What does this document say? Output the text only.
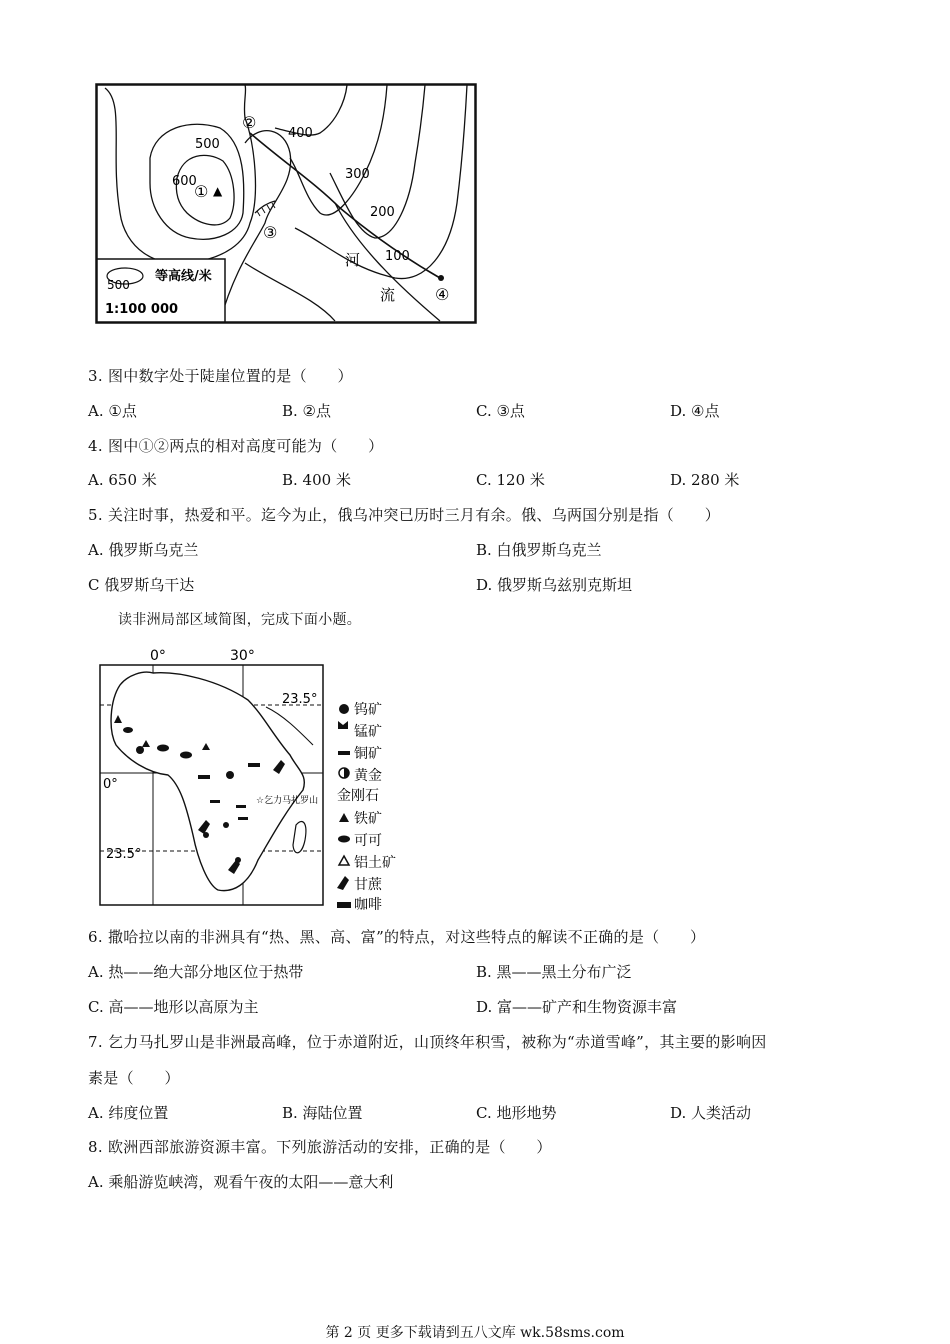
500
600
① ▲
②
400
300
200
100
③
④
河
流
500
等高线/米
1:100 000
3. 图中数字处于陡崖位置的是（　　）
A. ①点	B. ②点	C. ③点	D. ④点
4. 图中①②两点的相对高度可能为（　　）
A. 650 米	B. 400 米	C. 120 米	D. 280 米
5. 关注时事，热爱和平。迄今为止，俄乌冲突已历时三月有余。俄、乌两国分别是指（　　）
A. 俄罗斯乌克兰	B. 白俄罗斯乌克兰
C 俄罗斯乌干达	D. 俄罗斯乌兹别克斯坦
读非洲局部区域简图，完成下面小题。
0°	30°
23.5°
0°
23.5°
☆乞力马扎罗山
钨矿
锰矿
铜矿
黄金
金刚石
铁矿
可可
铝土矿
甘蔗
咖啡
6. 撒哈拉以南的非洲具有“热、黑、高、富”的特点，对这些特点的解读不正确的是（　　）
A. 热——绝大部分地区位于热带	B. 黑——黑土分布广泛
C. 高——地形以高原为主	D. 富——矿产和生物资源丰富
7. 乞力马扎罗山是非洲最高峰，位于赤道附近，山顶终年积雪，被称为“赤道雪峰”，其主要的影响因
素是（　　）
A. 纬度位置	B. 海陆位置	C. 地形地势	D. 人类活动
8. 欧洲西部旅游资源丰富。下列旅游活动的安排，正确的是（　　）
A. 乘船游览峡湾，观看午夜的太阳——意大利
第 2 页 更多下载请到五八文库 wk.58sms.com
